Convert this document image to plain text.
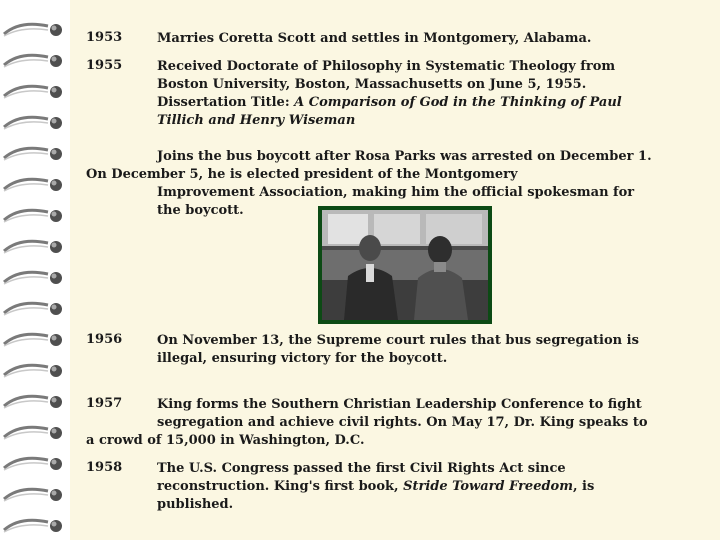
1953	Marries Coretta Scott and settles in Montgomery, Alabama.
1955	Received Doctorate of Philosophy in Systematic Theology from
Boston University, Boston, Massachusetts on June 5, 1955.
Dissertation Title: A Comparison of God in the Thinking of Paul
Tillich and Henry Wiseman
Joins the bus boycott after Rosa Parks was arrested on December 1.
On December 5, he is elected president of the Montgomery
Improvement Association, making him the official spokesman for
the boycott.
1956	On November 13, the Supreme court rules that bus segregation is
illegal, ensuring victory for the boycott.
1957	King forms the Southern Christian Leadership Conference to fight
segregation and achieve civil rights. On May 17, Dr. King speaks to
a crowd of 15,000 in Washington, D.C.
1958	The U.S. Congress passed the first Civil Rights Act since
reconstruction. King's first book, Stride Toward Freedom, is
published.
